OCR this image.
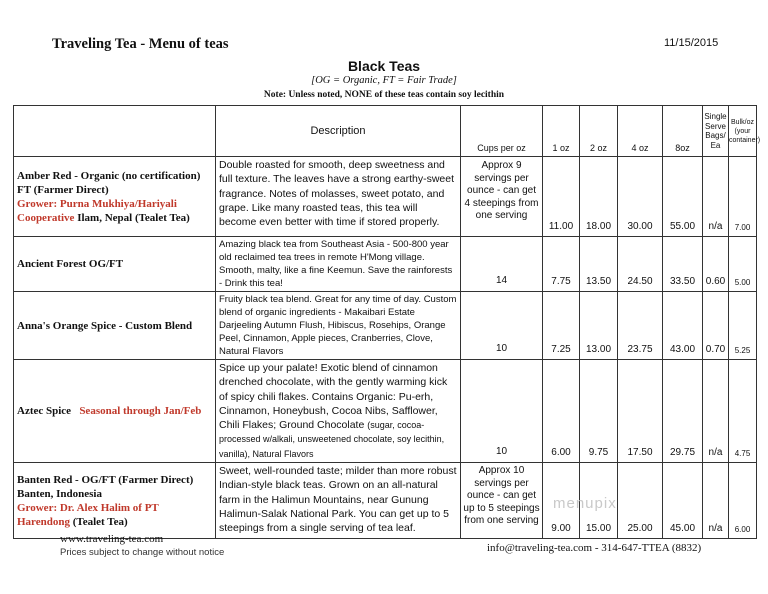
Traveling Tea - Menu of teas	11/15/2015
Black Teas
[OG = Organic, FT = Fair Trade]
Note: Unless noted, NONE of these teas contain soy lecithin
	Description	Cups per oz	1 oz	2 oz	4 oz	8oz	Single Serve Bags/ Ea	Bulk/oz (your container)
Amber Red - Organic (no certification) FT (Farmer Direct)
Grower: Purna Mukhiya/Hariyali Cooperative Ilam, Nepal (Tealet Tea)	Double roasted for smooth, deep sweetness and full texture. The leaves have a strong earthy-sweet fragrance. Notes of molasses, sweet potato, and grape. Like many roasted teas, this tea will become even better with time if stored properly.	Approx 9 servings per ounce - can get 4 steepings from one serving	11.00	18.00	30.00	55.00	n/a	7.00
Ancient Forest OG/FT	Amazing black tea from Southeast Asia - 500-800 year old reclaimed tea trees in remote H'Mong village. Smooth, malty, like a fine Keemun. Save the rainforests - Drink this tea!	14	7.75	13.50	24.50	33.50	0.60	5.00
Anna's Orange Spice - Custom Blend	Fruity black tea blend. Great for any time of day. Custom blend of organic ingredients - Makaibari Estate Darjeeling Autumn Flush, Hibiscus, Rosehips, Orange Peel, Cinnamon, Apple pieces, Cranberries, Clove, Natural Flavors	10	7.25	13.00	23.75	43.00	0.70	5.25
Aztec Spice Seasonal through Jan/Feb	Spice up your palate! Exotic blend of cinnamon drenched chocolate, with the gently warming kick of spicy chili flakes. Contains Organic: Pu-erh, Cinnamon, Honeybush, Cocoa Nibs, Safflower, Chili Flakes; Ground Chocolate (sugar, cocoa-processed w/alkali, unsweetened chocolate, soy lecithin, vanilla), Natural Flavors	10	6.00	9.75	17.50	29.75	n/a	4.75
Banten Red - OG/FT (Farmer Direct) Banten, Indonesia
Grower: Dr. Alex Halim of PT Harendong (Tealet Tea)	Sweet, well-rounded taste; milder than more robust Indian-style black teas. Grown on an all-natural farm in the Halimun Mountains, near Gunung Halimun-Salak National Park. You can get up to 5 steepings from a single serving of tea leaf.	Approx 10 servings per ounce - can get up to 5 steepings from one serving	9.00	15.00	25.00	45.00	n/a	6.00
menupix
www.traveling-tea.com
Prices subject to change without notice	info@traveling-tea.com - 314-647-TTEA (8832)
